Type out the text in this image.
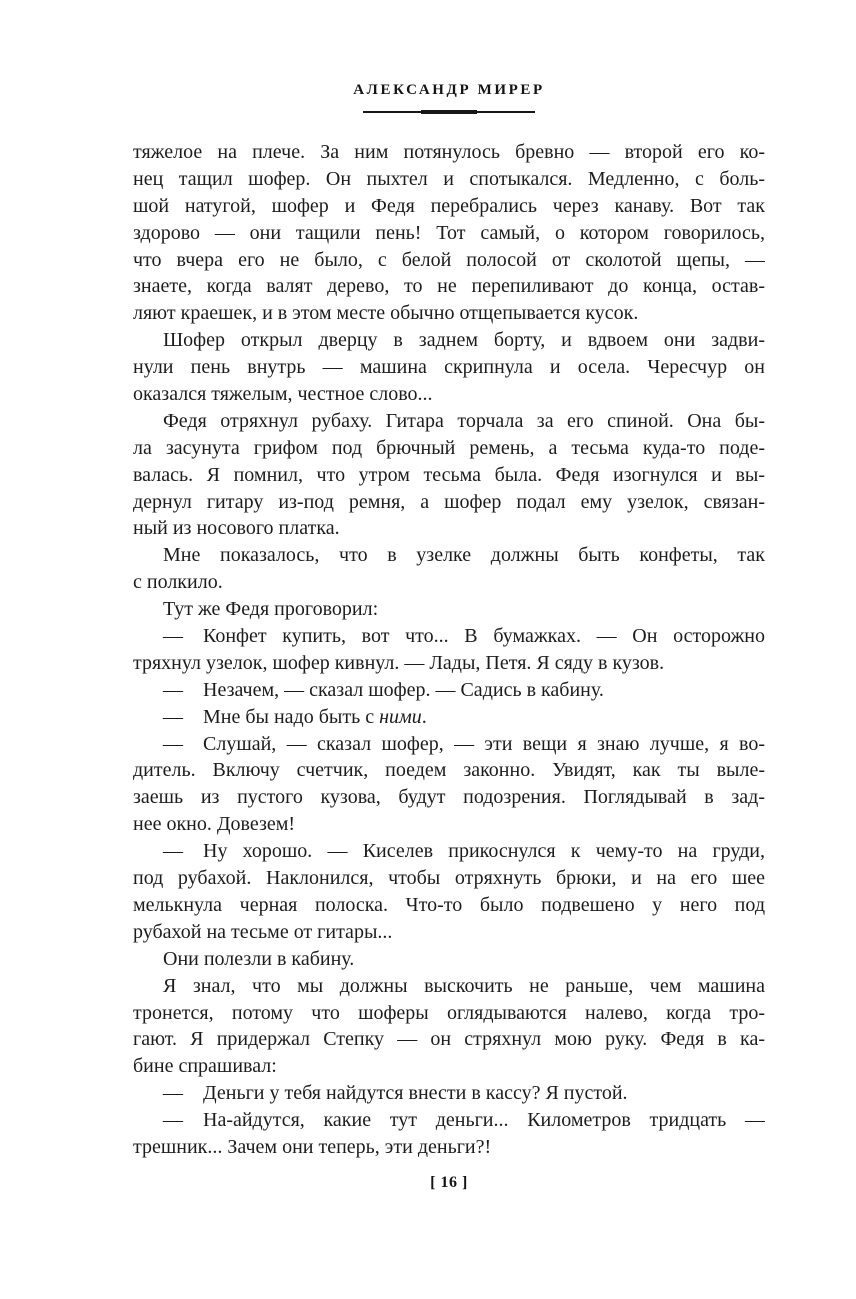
АЛЕКСАНДР МИРЕР
тяжелое на плече. За ним потянулось бревно — второй его ко-
нец тащил шофер. Он пыхтел и спотыкался. Медленно, с боль-
шой натугой, шофер и Федя перебрались через канаву. Вот так
здорово — они тащили пень! Тот самый, о котором говорилось,
что вчера его не было, с белой полосой от сколотой щепы, —
знаете, когда валят дерево, то не перепиливают до конца, остав-
ляют краешек, и в этом месте обычно отщепывается кусок.
Шофер открыл дверцу в заднем борту, и вдвоем они задви-
нули пень внутрь — машина скрипнула и осела. Чересчур он
оказался тяжелым, честное слово...
Федя отряхнул рубаху. Гитара торчала за его спиной. Она бы-
ла засунута грифом под брючный ремень, а тесьма куда-то поде-
валась. Я помнил, что утром тесьма была. Федя изогнулся и вы-
дернул гитару из-под ремня, а шофер подал ему узелок, связан-
ный из носового платка.
Мне показалось, что в узелке должны быть конфеты, так
с полкило.
Тут же Федя проговорил:
— Конфет купить, вот что... В бумажках. — Он осторожно
тряхнул узелок, шофер кивнул. — Лады, Петя. Я сяду в кузов.
— Незачем, — сказал шофер. — Садись в кабину.
— Мне бы надо быть с ними.
— Слушай, — сказал шофер, — эти вещи я знаю лучше, я во-
дитель. Включу счетчик, поедем законно. Увидят, как ты выле-
заешь из пустого кузова, будут подозрения. Поглядывай в зад-
нее окно. Довезем!
— Ну хорошо. — Киселев прикоснулся к чему-то на груди,
под рубахой. Наклонился, чтобы отряхнуть брюки, и на его шее
мелькнула черная полоска. Что-то было подвешено у него под
рубахой на тесьме от гитары...
Они полезли в кабину.
Я знал, что мы должны выскочить не раньше, чем машина
тронется, потому что шоферы оглядываются налево, когда тро-
гают. Я придержал Степку — он стряхнул мою руку. Федя в ка-
бине спрашивал:
— Деньги у тебя найдутся внести в кассу? Я пустой.
— На-айдутся, какие тут деньги... Километров тридцать —
трешник... Зачем они теперь, эти деньги?!
[ 16 ]
